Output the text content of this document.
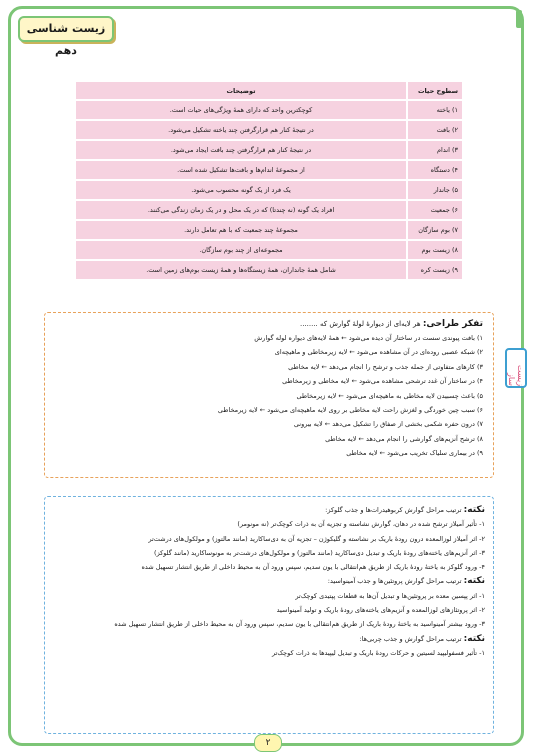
زیست شناسی دهم
زیست ساز
سطوح حیات	توضیحات
۱) یاخته	کوچکترین واحد که دارای همهٔ ویژگی‌های حیات است.
۲) بافت	در نتیجهٔ کنار هم قرارگرفتن چند یاخته تشکیل می‌شود.
۳) اندام	در نتیجهٔ کنار هم قرارگرفتن چند بافت ایجاد می‌شود.
۴) دستگاه	از مجموعهٔ اندام‌ها و بافت‌ها تشکیل شده است.
۵) جاندار	یک فرد از یک گونه محسوب می‌شود.
۶) جمعیت	افراد یک گونه (نه چندتا) که در یک محل و در یک زمان زندگی می‌کنند.
۷) بوم سازگان	مجموعهٔ چند جمعیت که با هم تعامل دارند.
۸) زیست بوم	مجموعه‌ای از چند بوم سازگان.
۹) زیست کره	شامل همهٔ جانداران، همهٔ زیستگاه‌ها و همهٔ زیست بوم‌های زمین است.
تفکر طراحی: هر لایه‌ای از دیوارهٔ لولهٔ گوارش که ........
۱) بافت پیوندی سست در ساختار آن دیده می‌شود ← همهٔ لایه‌های دیواره لوله گوارش
۲) شبکه عصبی روده‌ای در آن مشاهده می‌شود ← لایه زیرمخاطی و ماهیچه‌ای
۳) کارهای متفاوتی از جمله جذب و ترشح را انجام می‌دهد ← لایه مخاطی
۴) در ساختار آن غدد ترشحی مشاهده می‌شود ← لایه مخاطی و زیرمخاطی
۵) باعث چسبیدن لایه مخاطی به ماهیچه‌ای می‌شود ← لایه زیرمخاطی
۶) سبب چین خوردگی و لغزش راحت لایه مخاطی بر روی لایه ماهیچه‌ای می‌شود ← لایه زیرمخاطی
۷) درون حفره شکمی بخشی از صفاق را تشکیل می‌دهد ← لایه بیرونی
۸) ترشح آنزیم‌های گوارشی را انجام می‌دهد ← لایه مخاطی
۹) در بیماری سلیاک تخریب می‌شود ← لایه مخاطی
نکته: ترتیب مراحل گوارش کربوهیدرات‌ها و جذب گلوکز:
۱- تأثیر آمیلاز ترشح شده در دهان، گوارش نشاسته و تجزیه آن به ذرات کوچک‌تر (نه مونومر)
۲- اثر آمیلاز لوزالمعده درون رودهٔ باریک بر نشاسته و گلیکوژن – تجزیه آن به دی‌ساکارید (مانند مالتوز) و مولکول‌های درشت‌تر
۳- اثر آنزیم‌های یاخته‌های رودهٔ باریک و تبدیل دی‌ساکارید (مانند مالتوز) و مولکول‌های درشت‌تر به مونوساکارید (مانند گلوکز)
۴- ورود گلوکز به یاختهٔ رودهٔ باریک از طریق هم‌انتقالی با یون سدیم، سپس ورود آن به محیط داخلی از طریق انتشار تسهیل شده
نکته: ترتیب مراحل گوارش پروتئین‌ها و جذب آمینواسید:
۱- اثر پپسین معده بر پروتئین‌ها و تبدیل آن‌ها به قطعات پپتیدی کوچک‌تر
۲- اثر پروتئازهای لوزالمعده و آنزیم‌های یاخته‌های رودهٔ باریک و تولید آمینواسید
۳- ورود بیشتر آمینواسید به یاختهٔ رودهٔ باریک از طریق هم‌انتقالی با یون سدیم، سپس ورود آن به محیط داخلی از طریق انتشار تسهیل شده
نکته: ترتیب مراحل گوارش و جذب چربی‌ها:
۱- تأثیر فسفولیپید لسیتین و حرکات رودهٔ باریک و تبدیل لیپیدها به ذرات کوچک‌تر
۲
